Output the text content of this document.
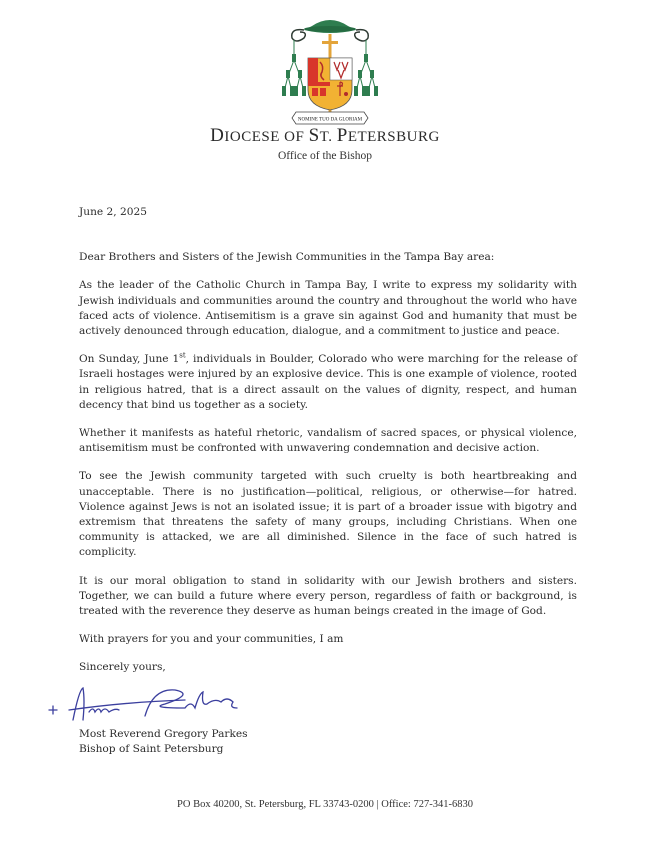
NOMINE TUO DA GLORIAM
DIOCESE OF ST. PETERSBURG
Office of the Bishop

June 2, 2025

Dear Brothers and Sisters of the Jewish Communities in the Tampa Bay area:

As the leader of the Catholic Church in Tampa Bay, I write to express my solidarity with Jewish individuals and communities around the country and throughout the world who have faced acts of violence. Antisemitism is a grave sin against God and humanity that must be actively denounced through education, dialogue, and a commitment to justice and peace.

On Sunday, June 1st, individuals in Boulder, Colorado who were marching for the release of Israeli hostages were injured by an explosive device. This is one example of violence, rooted in religious hatred, that is a direct assault on the values of dignity, respect, and human decency that bind us together as a society.

Whether it manifests as hateful rhetoric, vandalism of sacred spaces, or physical violence, antisemitism must be confronted with unwavering condemnation and decisive action.

To see the Jewish community targeted with such cruelty is both heartbreaking and unacceptable. There is no justification—political, religious, or otherwise—for hatred. Violence against Jews is not an isolated issue; it is part of a broader issue with bigotry and extremism that threatens the safety of many groups, including Christians. When one community is attacked, we are all diminished. Silence in the face of such hatred is complicity.

It is our moral obligation to stand in solidarity with our Jewish brothers and sisters. Together, we can build a future where every person, regardless of faith or background, is treated with the reverence they deserve as human beings created in the image of God.

With prayers for you and your communities, I am

Sincerely yours,

Most Reverend Gregory Parkes
Bishop of Saint Petersburg
PO Box 40200, St. Petersburg, FL 33743-0200 | Office: 727-341-6830
